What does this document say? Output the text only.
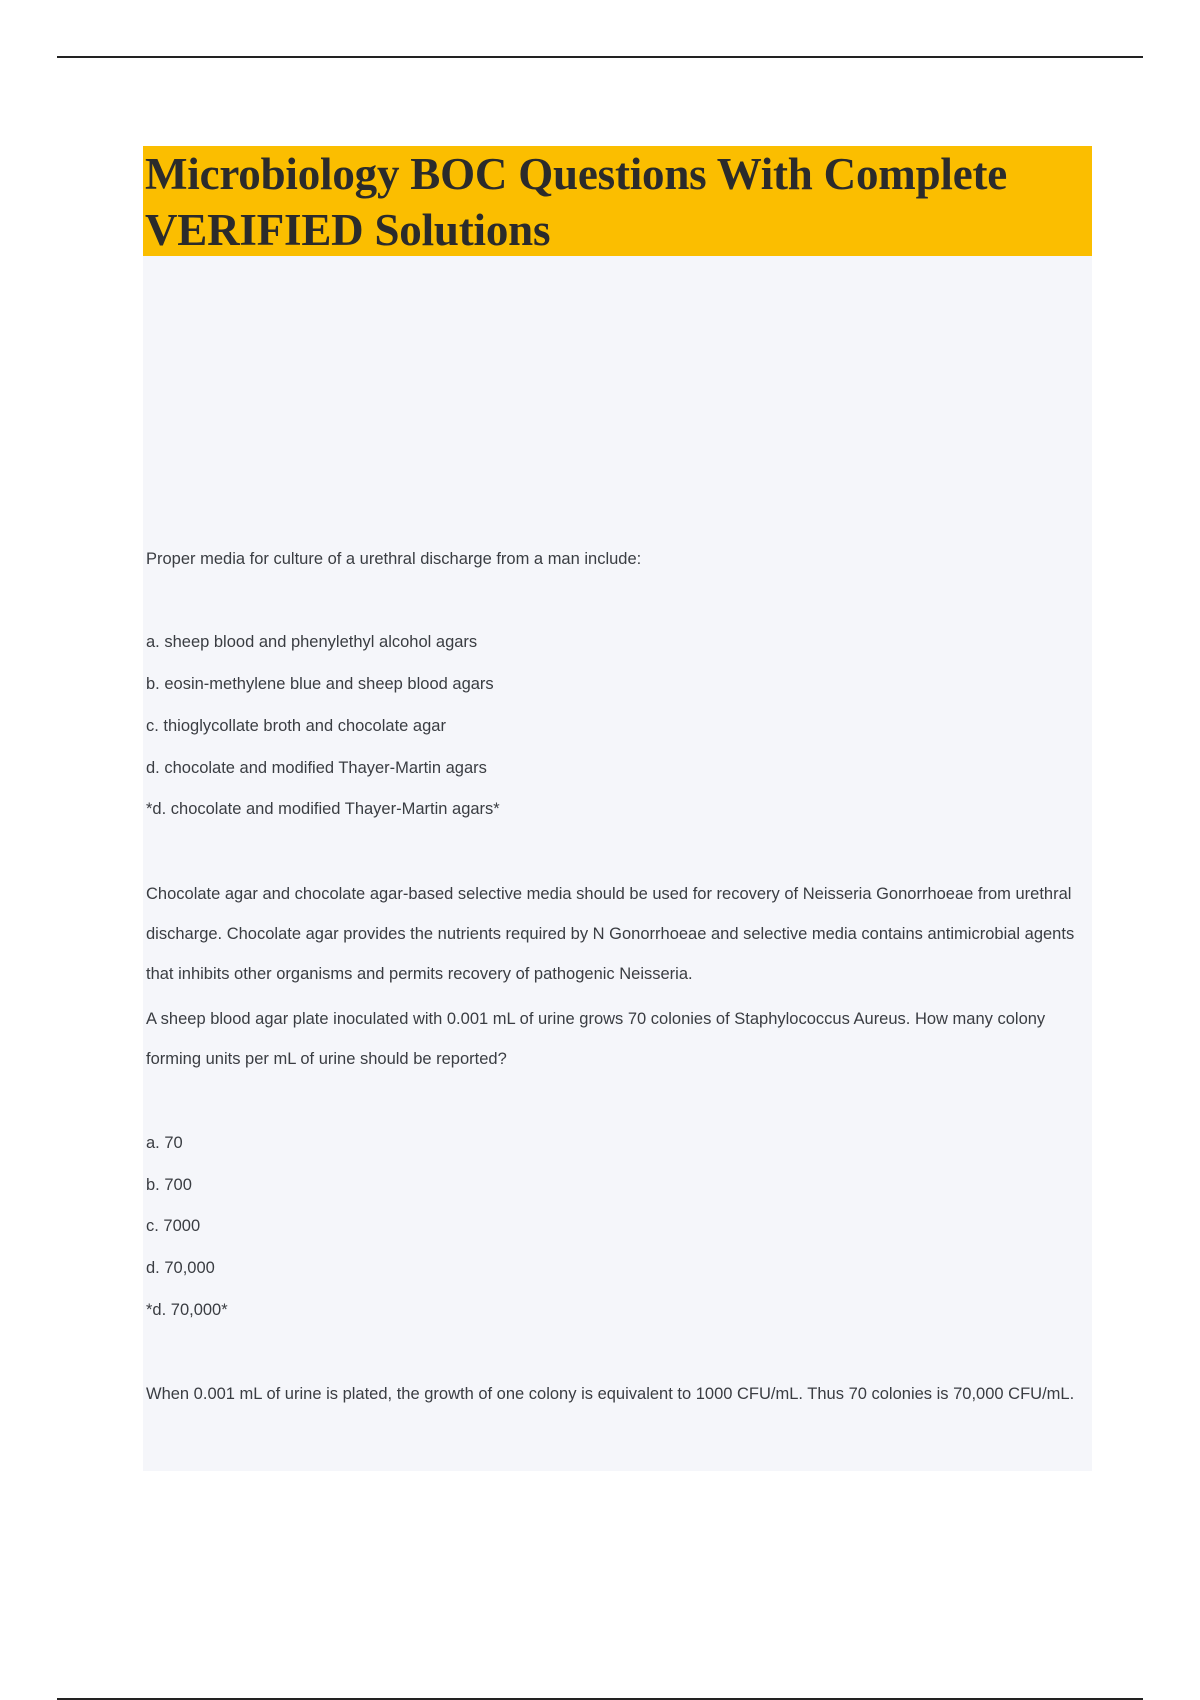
Microbiology BOC Questions With Complete VERIFIED Solutions
Proper media for culture of a urethral discharge from a man include:
a. sheep blood and phenylethyl alcohol agars
b. eosin-methylene blue and sheep blood agars
c. thioglycollate broth and chocolate agar
d. chocolate and modified Thayer-Martin agars
*d. chocolate and modified Thayer-Martin agars*
Chocolate agar and chocolate agar-based selective media should be used for recovery of Neisseria Gonorrhoeae from urethral discharge. Chocolate agar provides the nutrients required by N Gonorrhoeae and selective media contains antimicrobial agents that inhibits other organisms and permits recovery of pathogenic Neisseria.
A sheep blood agar plate inoculated with 0.001 mL of urine grows 70 colonies of Staphylococcus Aureus. How many colony forming units per mL of urine should be reported?
a. 70
b. 700
c. 7000
d. 70,000
*d. 70,000*
When 0.001 mL of urine is plated, the growth of one colony is equivalent to 1000 CFU/mL. Thus 70 colonies is 70,000 CFU/mL.
